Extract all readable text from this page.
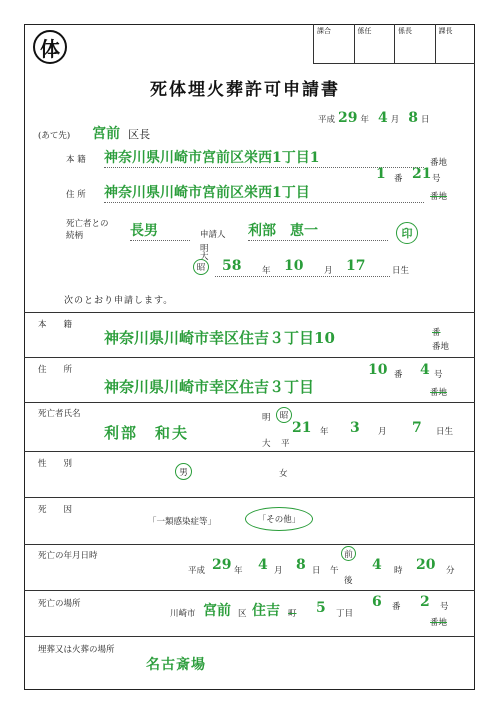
体
課合	係任	係長	課長
死体埋火葬許可申請書
平成 29 年 4 月 8 日
(あて先) 宮前 区長
本 籍 神奈川県川崎市宮前区栄西1丁目1	番地
1 番 21 号
住 所 神奈川県川崎市宮前区栄西1丁目	番地
死亡者との続柄	長男	申請人 利部　恵一	印
明
大
昭 58 年 10 月 17	日生
次のとおり申請します。
本　　籍
神奈川県川崎市幸区住吉３丁目10	番
番地
住　　所	10 番 4 号
神奈川県川崎市幸区住吉３丁目	番地
死亡者氏名
利部　和夫
明	昭
大 平
21 年 3 月 7 日生
性　　別
男	女
死　　因
「一類感染症等」	「その他」
死亡の年月日時
平成 29 年 4 月 8 日 午
前
後
4 時 20 分
死亡の場所
川崎市 宮前 区 住吉 町 5 丁目
6 番 2 号
番地
埋葬又は火葬の場所
名古斎場
